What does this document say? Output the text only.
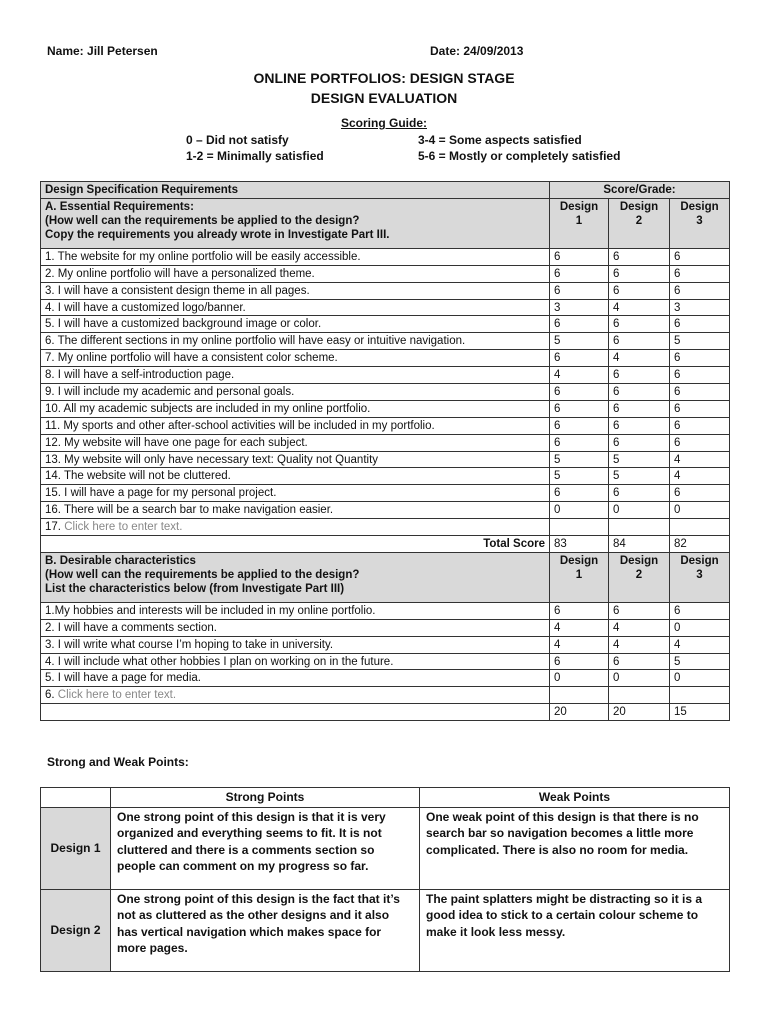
Name: Jill Petersen	Date: 24/09/2013
ONLINE PORTFOLIOS: DESIGN STAGE
DESIGN EVALUATION
Scoring Guide:
0 – Did not satisfy
1-2 = Minimally satisfied
3-4 = Some aspects satisfied
5-6 = Mostly or completely satisfied
Design Specification Requirements	Score/Grade:		

A. Essential Requirements:
(How well can the requirements be applied to the design?
Copy the requirements you already wrote in Investigate Part III.	Design 1	Design 2	Design 3
1. The website for my online portfolio will be easily accessible.	6	6	6
2. My online portfolio will have a personalized theme.	6	6	6
3. I will have a consistent design theme in all pages.	6	6	6
4. I will have a customized logo/banner.	3	4	3
5. I will have a customized background image or color.	6	6	6
6. The different sections in my online portfolio will have easy or intuitive navigation.	5	6	5
7. My online portfolio will have a consistent color scheme.	6	4	6
8. I will have a self-introduction page.	4	6	6
9. I will include my academic and personal goals.	6	6	6
10. All my academic subjects are included in my online portfolio.	6	6	6
11. My sports and other after-school activities will be included in my portfolio.	6	6	6
12. My website will have one page for each subject.	6	6	6
13. My website will only have necessary text: Quality not Quantity	5	5	4
14. The website will not be cluttered.	5	5	4
15. I will have a page for my personal project.	6	6	6
16. There will be a search bar to make navigation easier.	0	0	0
17. Click here to enter text.			
Total Score	83	84	82

B. Desirable characteristics
(How well can the requirements be applied to the design?
List the characteristics below (from Investigate Part III)	Design 1	Design 2	Design 3
1.My hobbies and interests will be included in my online portfolio.	6	6	6
2. I will have a comments section.	4	4	0
3. I will write what course I’m hoping to take in university.	4	4	4
4. I will include what other hobbies I plan on working on in the future.	6	6	5
5. I will have a page for media.	0	0	0
6. Click here to enter text.			
	20	20	15
Strong and Weak Points:
	Strong Points	Weak Points
Design 1	One strong point of this design is that it is very organized and everything seems to fit. It is not cluttered and there is a comments section so people can comment on my progress so far.	One weak point of this design is that there is no search bar so navigation becomes a little more complicated. There is also no room for media.
Design 2	One strong point of this design is the fact that it’s not as cluttered as the other designs and it also has vertical navigation which makes space for more pages.	The paint splatters might be distracting so it is a good idea to stick to a certain colour scheme to make it look less messy.
